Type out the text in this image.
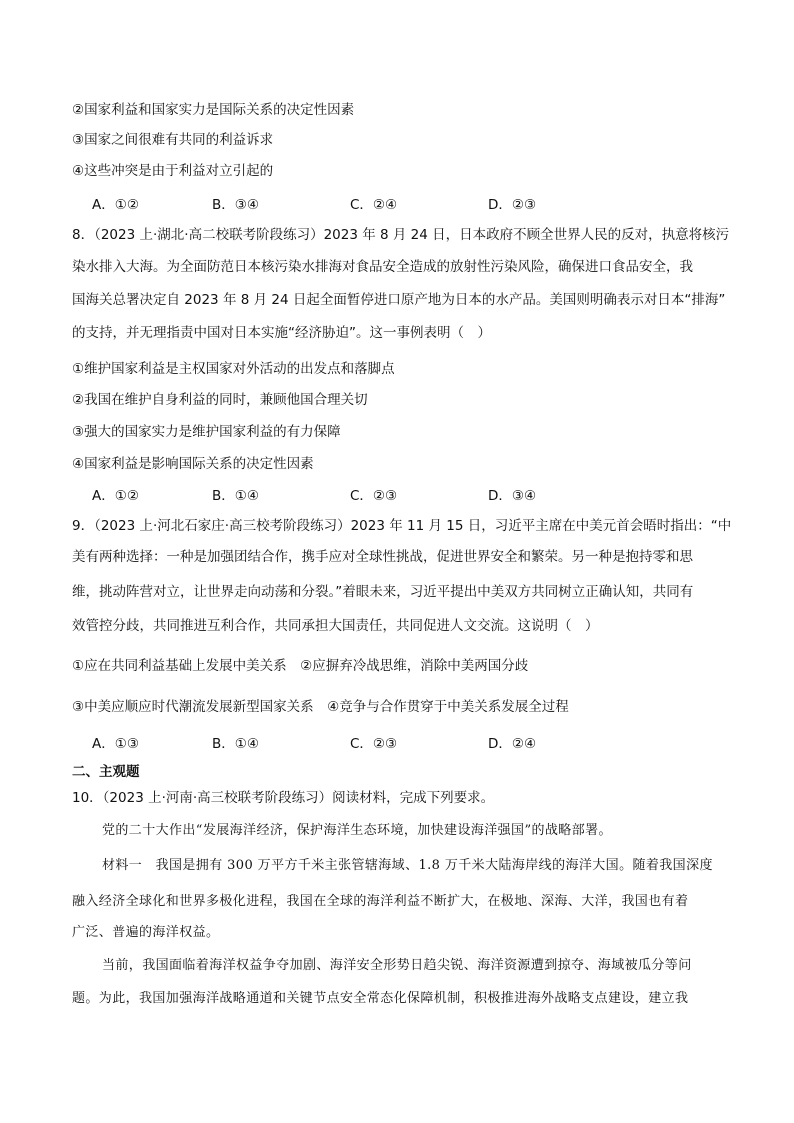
②国家利益和国家实力是国际关系的决定性因素
③国家之间很难有共同的利益诉求
④这些冲突是由于利益对立引起的
A．①②	B．③④	C．②④	D．②③
8．（2023 上·湖北·高二校联考阶段练习）2023 年 8 月 24 日，日本政府不顾全世界人民的反对，执意将核污
染水排入大海。为全面防范日本核污染水排海对食品安全造成的放射性污染风险，确保进口食品安全，我
国海关总署决定自 2023 年 8 月 24 日起全面暂停进口原产地为日本的水产品。美国则明确表示对日本“排海”
的支持，并无理指责中国对日本实施“经济胁迫”。这一事例表明（　）
①维护国家利益是主权国家对外活动的出发点和落脚点
②我国在维护自身利益的同时，兼顾他国合理关切
③强大的国家实力是维护国家利益的有力保障
④国家利益是影响国际关系的决定性因素
A．①②	B．①④	C．②③	D．③④
9．（2023 上·河北石家庄·高三校考阶段练习）2023 年 11 月 15 日，习近平主席在中美元首会晤时指出：“中
美有两种选择：一种是加强团结合作，携手应对全球性挑战，促进世界安全和繁荣。另一种是抱持零和思
维，挑动阵营对立，让世界走向动荡和分裂。”着眼未来，习近平提出中美双方共同树立正确认知，共同有
效管控分歧，共同推进互利合作，共同承担大国责任，共同促进人文交流。这说明（　）
①应在共同利益基础上发展中美关系　②应摒弃冷战思维，消除中美两国分歧
③中美应顺应时代潮流发展新型国家关系　④竞争与合作贯穿于中美关系发展全过程
A．①③	B．①④	C．②③	D．②④
二、主观题
10．（2023 上·河南·高三校联考阶段练习）阅读材料，完成下列要求。
党的二十大作出“发展海洋经济，保护海洋生态环境，加快建设海洋强国”的战略部署。
材料一　我国是拥有 300 万平方千米主张管辖海域、1.8 万千米大陆海岸线的海洋大国。随着我国深度
融入经济全球化和世界多极化进程，我国在全球的海洋利益不断扩大，在极地、深海、大洋，我国也有着
广泛、普遍的海洋权益。
当前，我国面临着海洋权益争夺加剧、海洋安全形势日趋尖锐、海洋资源遭到掠夺、海域被瓜分等问
题。为此，我国加强海洋战略通道和关键节点安全常态化保障机制，积极推进海外战略支点建设，建立我
